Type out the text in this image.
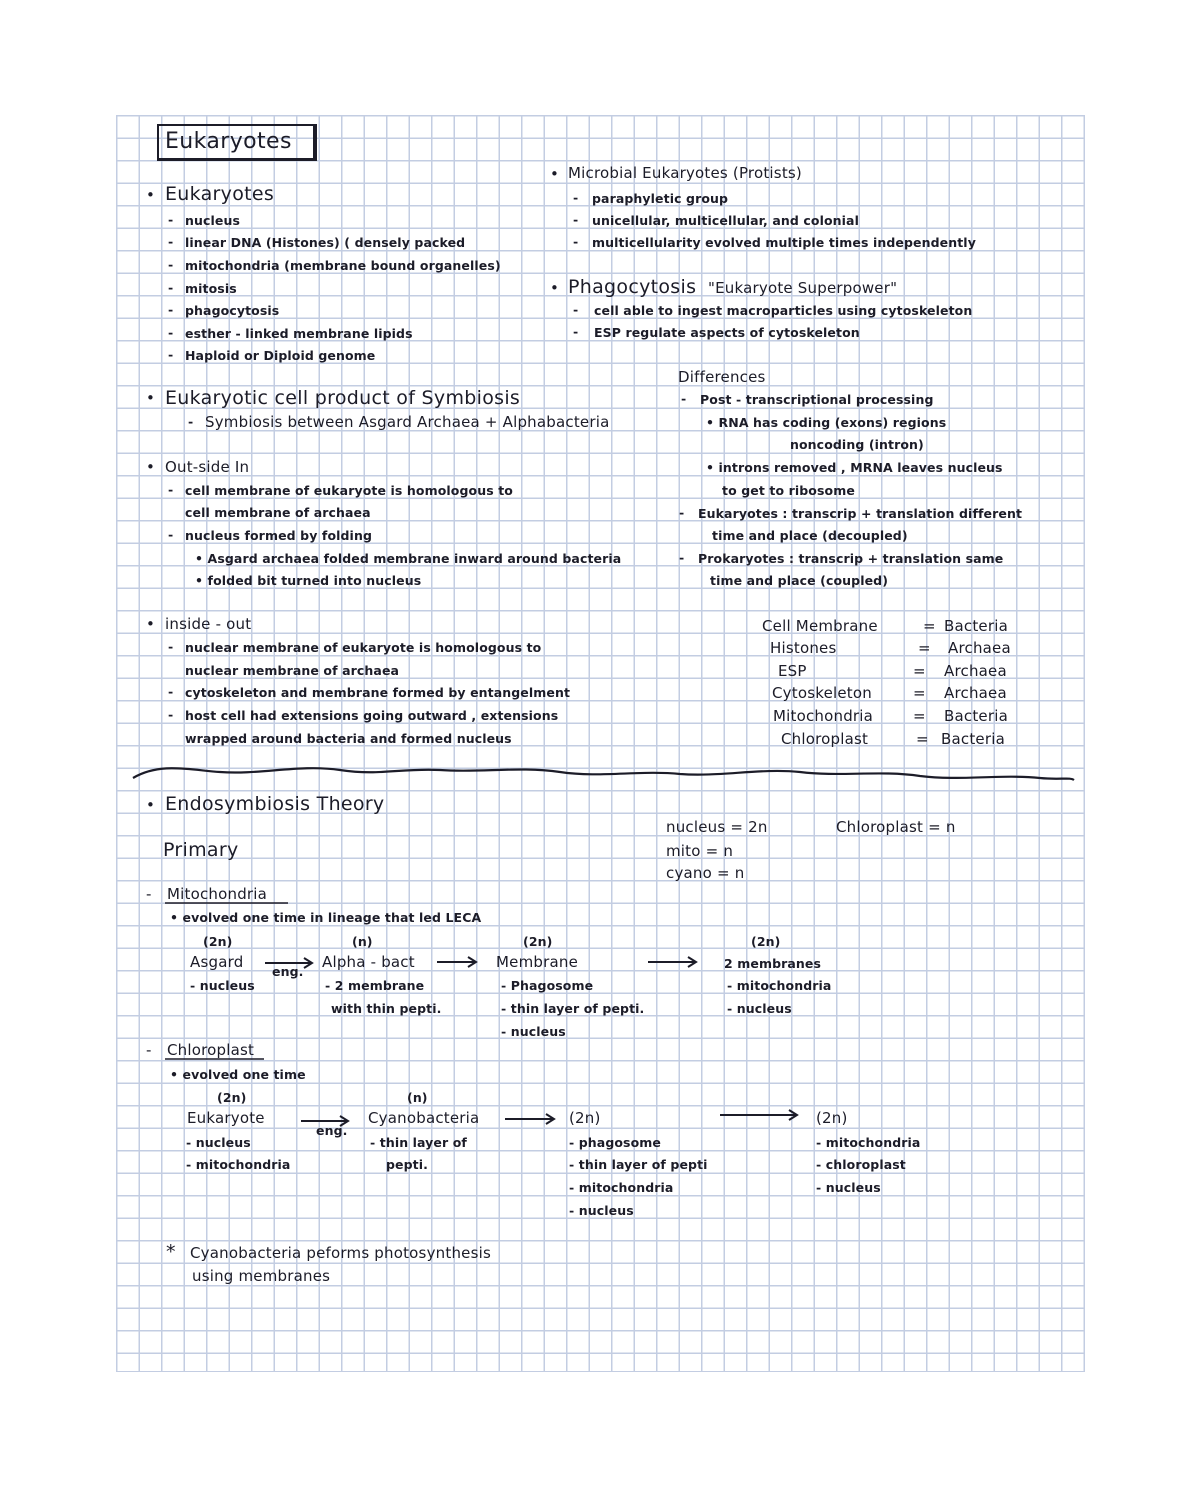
Eukaryotes
• Eukaryotes
- nucleus
- linear DNA (Histones) ( densely packed
- mitochondria (membrane bound organelles)
- mitosis
- phagocytosis
- esther - linked membrane lipids
- Haploid or Diploid genome
• Eukaryotic cell product of Symbiosis
- Symbiosis between Asgard Archaea + Alphabacteria
• Out-side In
- cell membrane of eukaryote is homologous to
cell membrane of archaea
- nucleus formed by folding
• Asgard archaea folded membrane inward around bacteria
• folded bit turned into nucleus
• inside - out
- nuclear membrane of eukaryote is homologous to
nuclear membrane of archaea
- cytoskeleton and membrane formed by entangelment
- host cell had extensions going outward , extensions
wrapped around bacteria and formed nucleus
• Microbial Eukaryotes (Protists)
- paraphyletic group
- unicellular, multicellular, and colonial
- multicellularity evolved multiple times independently
• Phagocytosis "Eukaryote Superpower"
- cell able to ingest macroparticles using cytoskeleton
- ESP regulate aspects of cytoskeleton
Differences
- Post - transcriptional processing
• RNA has coding (exons) regions
noncoding (intron)
• introns removed , MRNA leaves nucleus
to get to ribosome
- Eukaryotes : transcrip + translation different
time and place (decoupled)
- Prokaryotes : transcrip + translation same
time and place (coupled)
Cell Membrane	= Bacteria
Histones	= Archaea
ESP	= Archaea
Cytoskeleton	= Archaea
Mitochondria	= Bacteria
Chloroplast	= Bacteria
• Endosymbiosis Theory
Primary
nucleus = 2n
mito = n
cyano = n
Chloroplast = n
- Mitochondria
• evolved one time in lineage that led LECA
(2n)
Asgard
- nucleus
eng.
(n)
Alpha - bact
- 2 membrane
with thin pepti.
(2n)
Membrane
- Phagosome
- thin layer of pepti.
- nucleus
(2n)
2 membranes
- mitochondria
- nucleus
- Chloroplast
• evolved one time
(2n)
Eukaryote
- nucleus
- mitochondria
eng.
(n)
Cyanobacteria
- thin layer of
pepti.
(2n)
- phagosome
- thin layer of pepti
- mitochondria
- nucleus
(2n)
- mitochondria
- chloroplast
- nucleus
* Cyanobacteria peforms photosynthesis
using membranes
